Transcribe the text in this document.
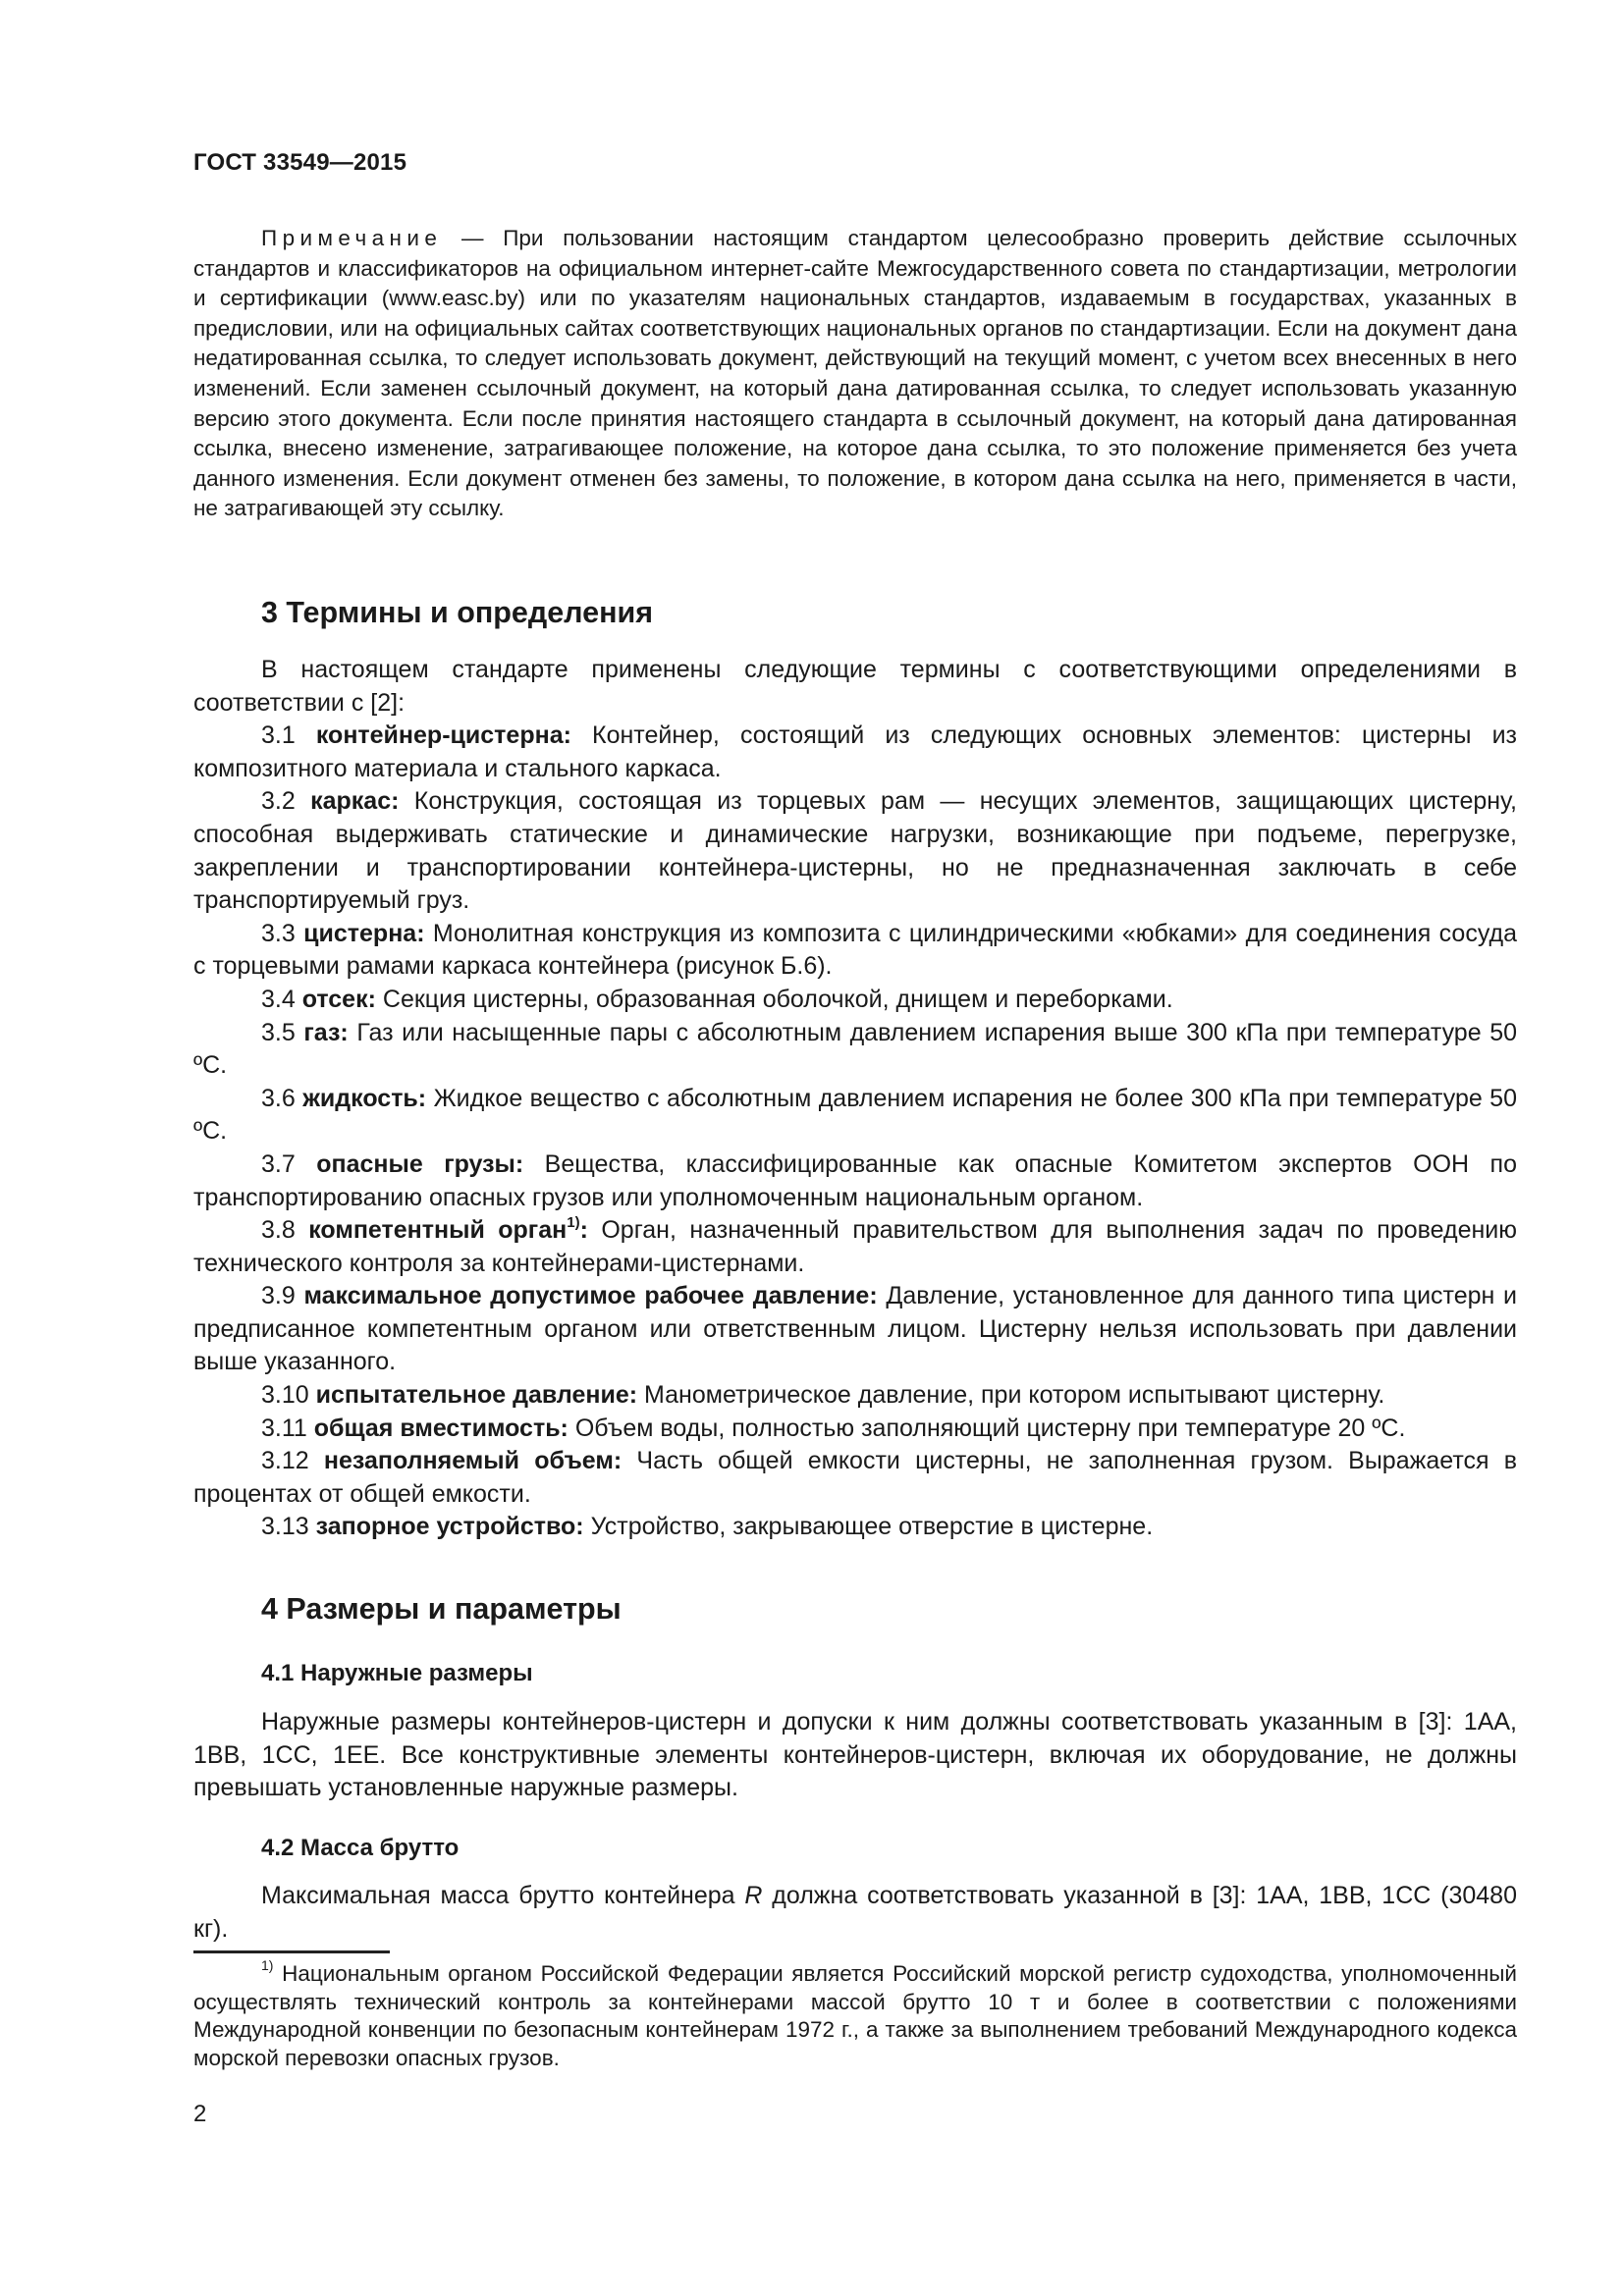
ГОСТ 33549—2015
Примечание — При пользовании настоящим стандартом целесообразно проверить действие ссылочных стандартов и классификаторов на официальном интернет-сайте Межгосударственного совета по стандартизации, метрологии и сертификации (www.easc.by) или по указателям национальных стандартов, издаваемым в государствах, указанных в предисловии, или на официальных сайтах соответствующих национальных органов по стандартизации. Если на документ дана недатированная ссылка, то следует использовать документ, действующий на текущий момент, с учетом всех внесенных в него изменений. Если заменен ссылочный документ, на который дана датированная ссылка, то следует использовать указанную версию этого документа. Если после принятия настоящего стандарта в ссылочный документ, на который дана датированная ссылка, внесено изменение, затрагивающее положение, на которое дана ссылка, то это положение применяется без учета данного изменения. Если документ отменен без замены, то положение, в котором дана ссылка на него, применяется в части, не затрагивающей эту ссылку.
3 Термины и определения

В настоящем стандарте применены следующие термины с соответствующими определениями в соответствии с [2]:

3.1 контейнер-цистерна: Контейнер, состоящий из следующих основных элементов: цистерны из композитного материала и стального каркаса.

3.2 каркас: Конструкция, состоящая из торцевых рам — несущих элементов, защищающих цистерну, способная выдерживать статические и динамические нагрузки, возникающие при подъеме, перегрузке, закреплении и транспортировании контейнера-цистерны, но не предназначенная заключать в себе транспортируемый груз.

3.3 цистерна: Монолитная конструкция из композита с цилиндрическими «юбками» для соединения сосуда с торцевыми рамами каркаса контейнера (рисунок Б.6).

3.4 отсек: Секция цистерны, образованная оболочкой, днищем и переборками.

3.5 газ: Газ или насыщенные пары с абсолютным давлением испарения выше 300 кПа при температуре 50 ºС.

3.6 жидкость: Жидкое вещество с абсолютным давлением испарения не более 300 кПа при температуре 50 ºС.

3.7 опасные грузы: Вещества, классифицированные как опасные Комитетом экспертов ООН по транспортированию опасных грузов или уполномоченным национальным органом.

3.8 компетентный орган$^{1)}$: Орган, назначенный правительством для выполнения задач по проведению технического контроля за контейнерами-цистернами.

3.9 максимальное допустимое рабочее давление: Давление, установленное для данного типа цистерн и предписанное компетентным органом или ответственным лицом. Цистерну нельзя использовать при давлении выше указанного.

3.10 испытательное давление: Манометрическое давление, при котором испытывают цистерну.

3.11 общая вместимость: Объем воды, полностью заполняющий цистерну при температуре 20 ºС.

3.12 незаполняемый объем: Часть общей емкости цистерны, не заполненная грузом. Выражается в процентах от общей емкости.

3.13 запорное устройство: Устройство, закрывающее отверстие в цистерне.

4 Размеры и параметры
4.1 Наружные размеры

Наружные размеры контейнеров-цистерн и допуски к ним должны соответствовать указанным в [3]: 1АА, 1ВВ, 1СС, 1ЕЕ. Все конструктивные элементы контейнеров-цистерн, включая их оборудование, не должны превышать установленные наружные размеры.

4.2 Масса брутто

Максимальная масса брутто контейнера R должна соответствовать указанной в [3]: 1АА, 1ВВ, 1СС (30480 кг).

$^{1)}$ Национальным органом Российской Федерации является Российский морской регистр судоходства, уполномоченный осуществлять технический контроль за контейнерами массой брутто 10 т и более в соответствии с положениями Международной конвенции по безопасным контейнерам 1972 г., а также за выполнением требований Международного кодекса морской перевозки опасных грузов.

2
